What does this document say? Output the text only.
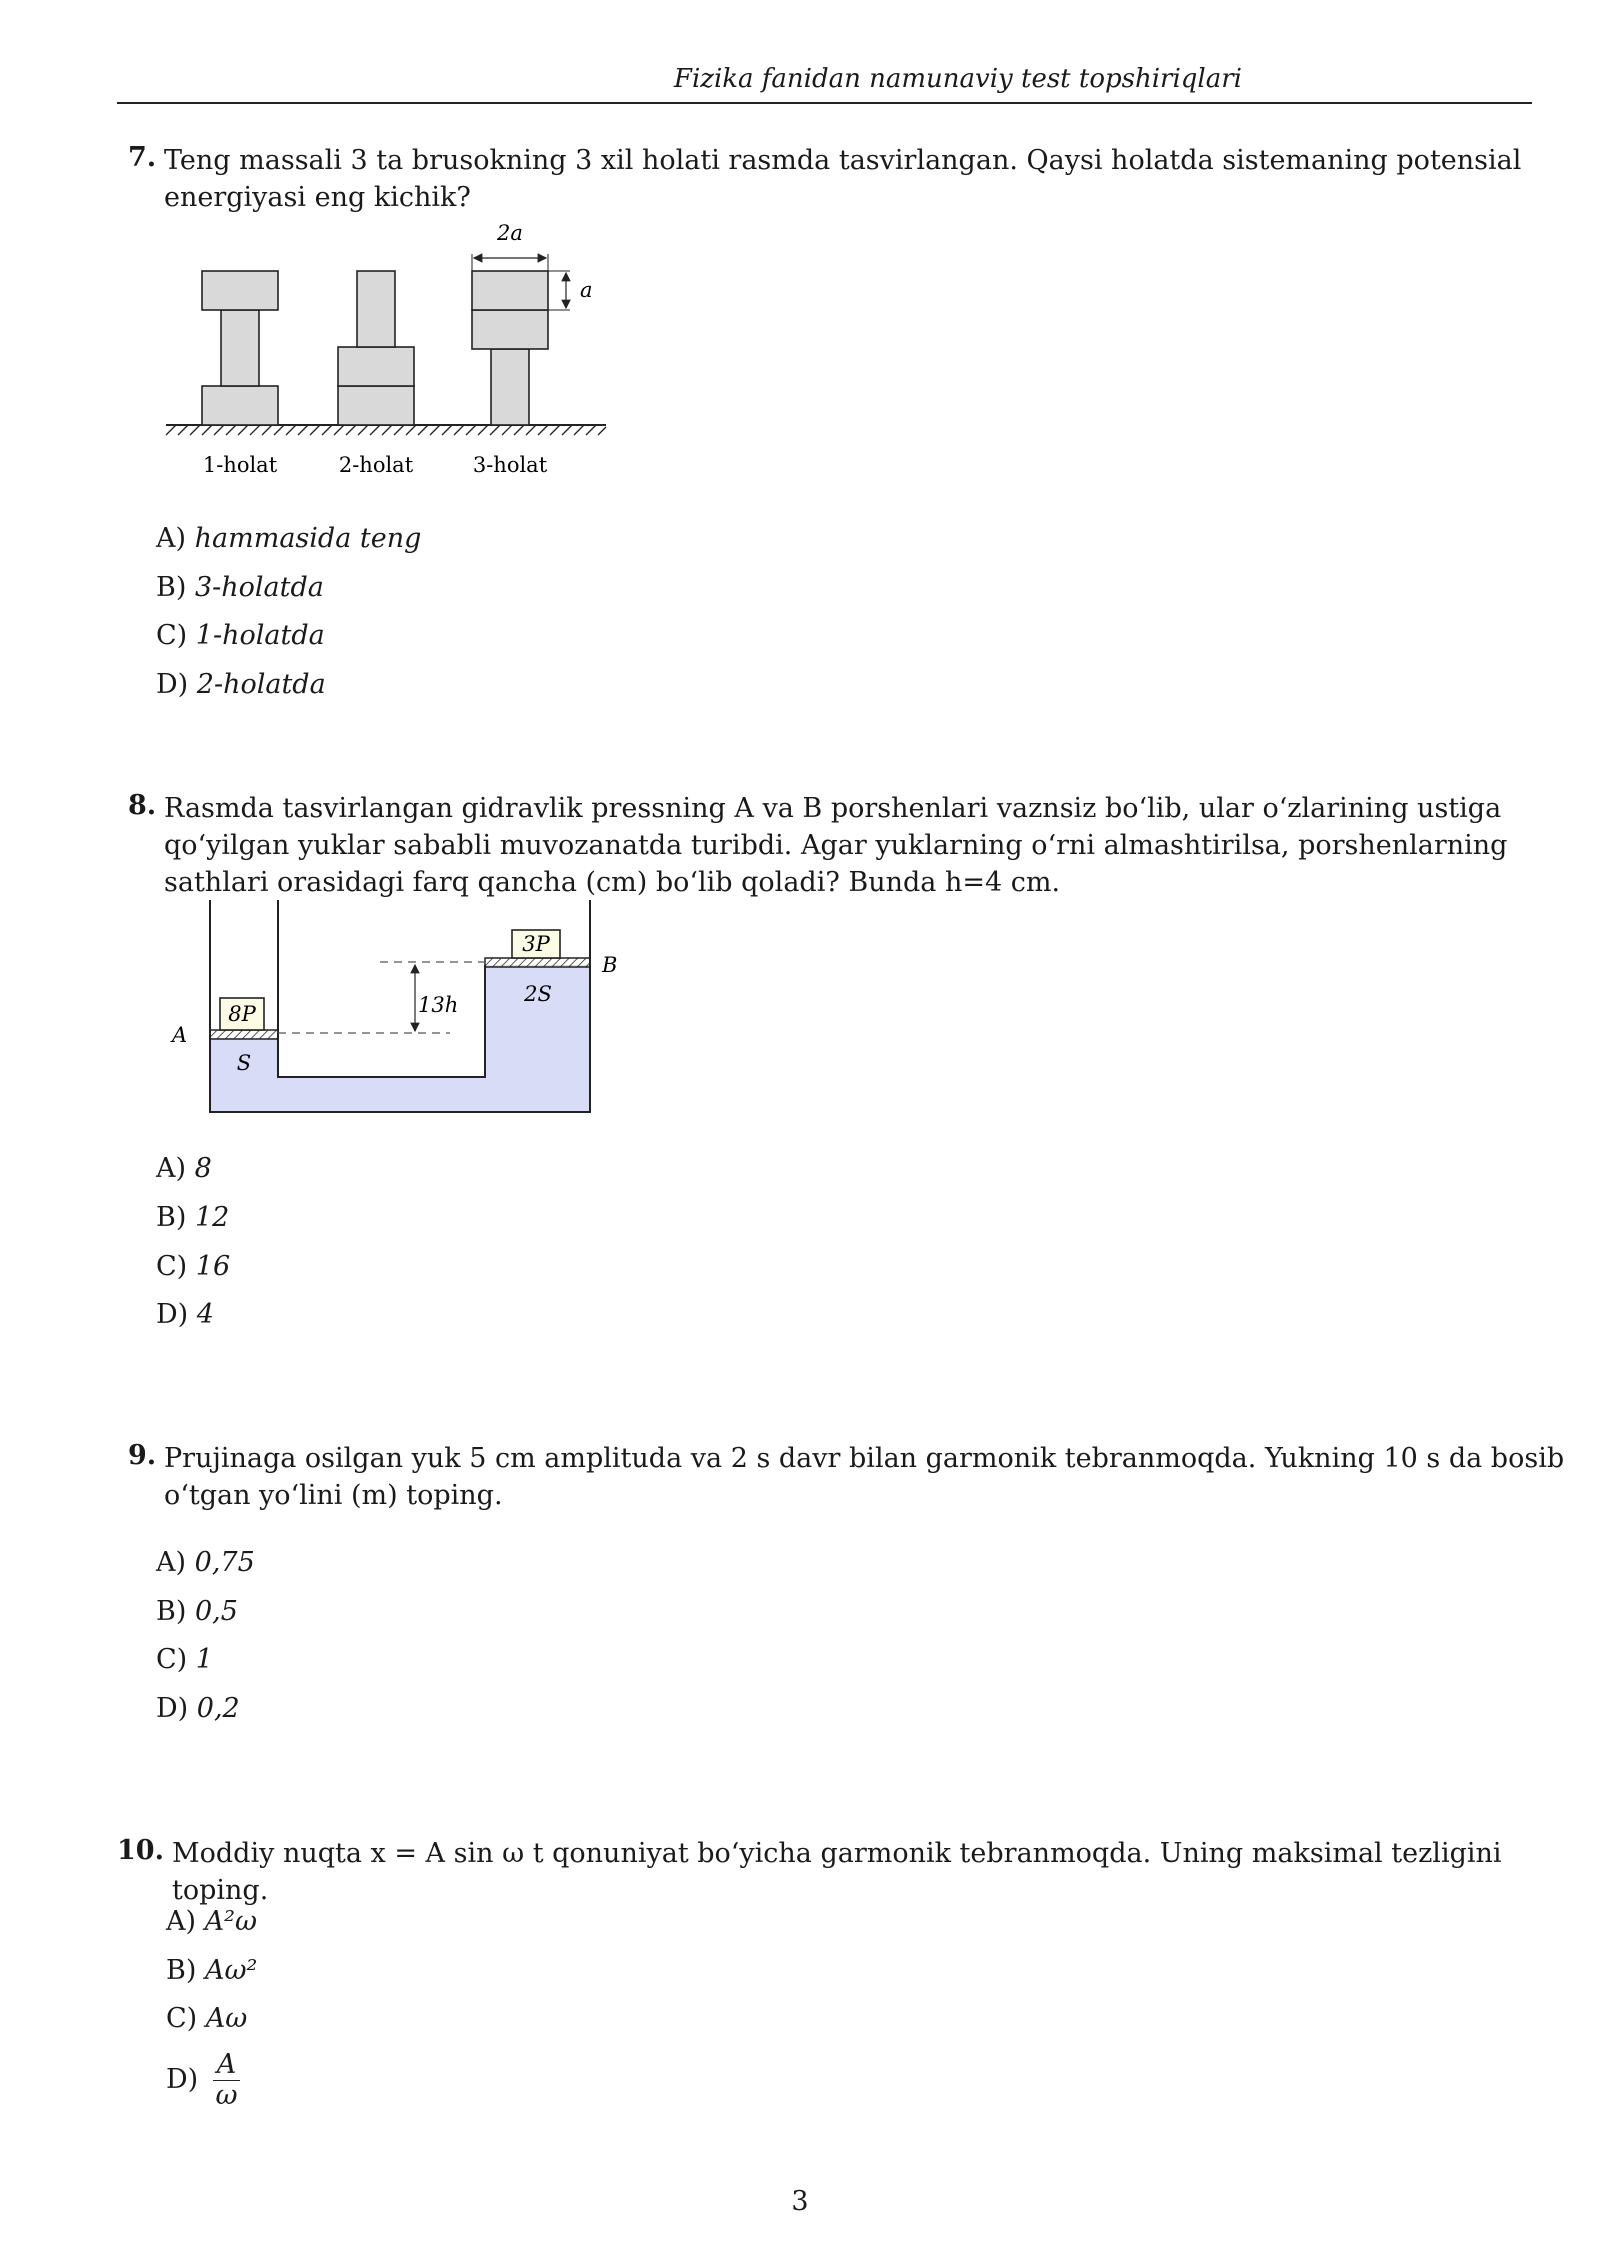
Fizika fanidan namunaviy test topshiriqlari
7. Teng massali 3 ta brusokning 3 xil holati rasmda tasvirlangan. Qaysi holatda sistemaning potensial
energiyasi eng kichik?
2a
a
1-holat	2-holat	3-holat
A) hammasida teng
B) 3-holatda
C) 1-holatda
D) 2-holatda
8. Rasmda tasvirlangan gidravlik pressning A va B porshenlari vaznsiz bo‘lib, ular o‘zlarining ustiga
qo‘yilgan yuklar sababli muvozanatda turibdi. Agar yuklarning o‘rni almashtirilsa, porshenlarning
sathlari orasidagi farq qancha (cm) bo‘lib qoladi? Bunda h=4 cm.
8P
3P
13h
A
B
S
2S
A) 8
B) 12
C) 16
D) 4
9. Prujinaga osilgan yuk 5 cm amplituda va 2 s davr bilan garmonik tebranmoqda. Yukning 10 s da bosib
o‘tgan yo‘lini (m) toping.
A) 0,75
B) 0,5
C) 1
D) 0,2
10. Moddiy nuqta x = A sin ω t qonuniyat bo‘yicha garmonik tebranmoqda. Uning maksimal tezligini toping.
A) A²ω
B) Aω²
C) Aω
$D) \frac{A}{\omega}$
3
